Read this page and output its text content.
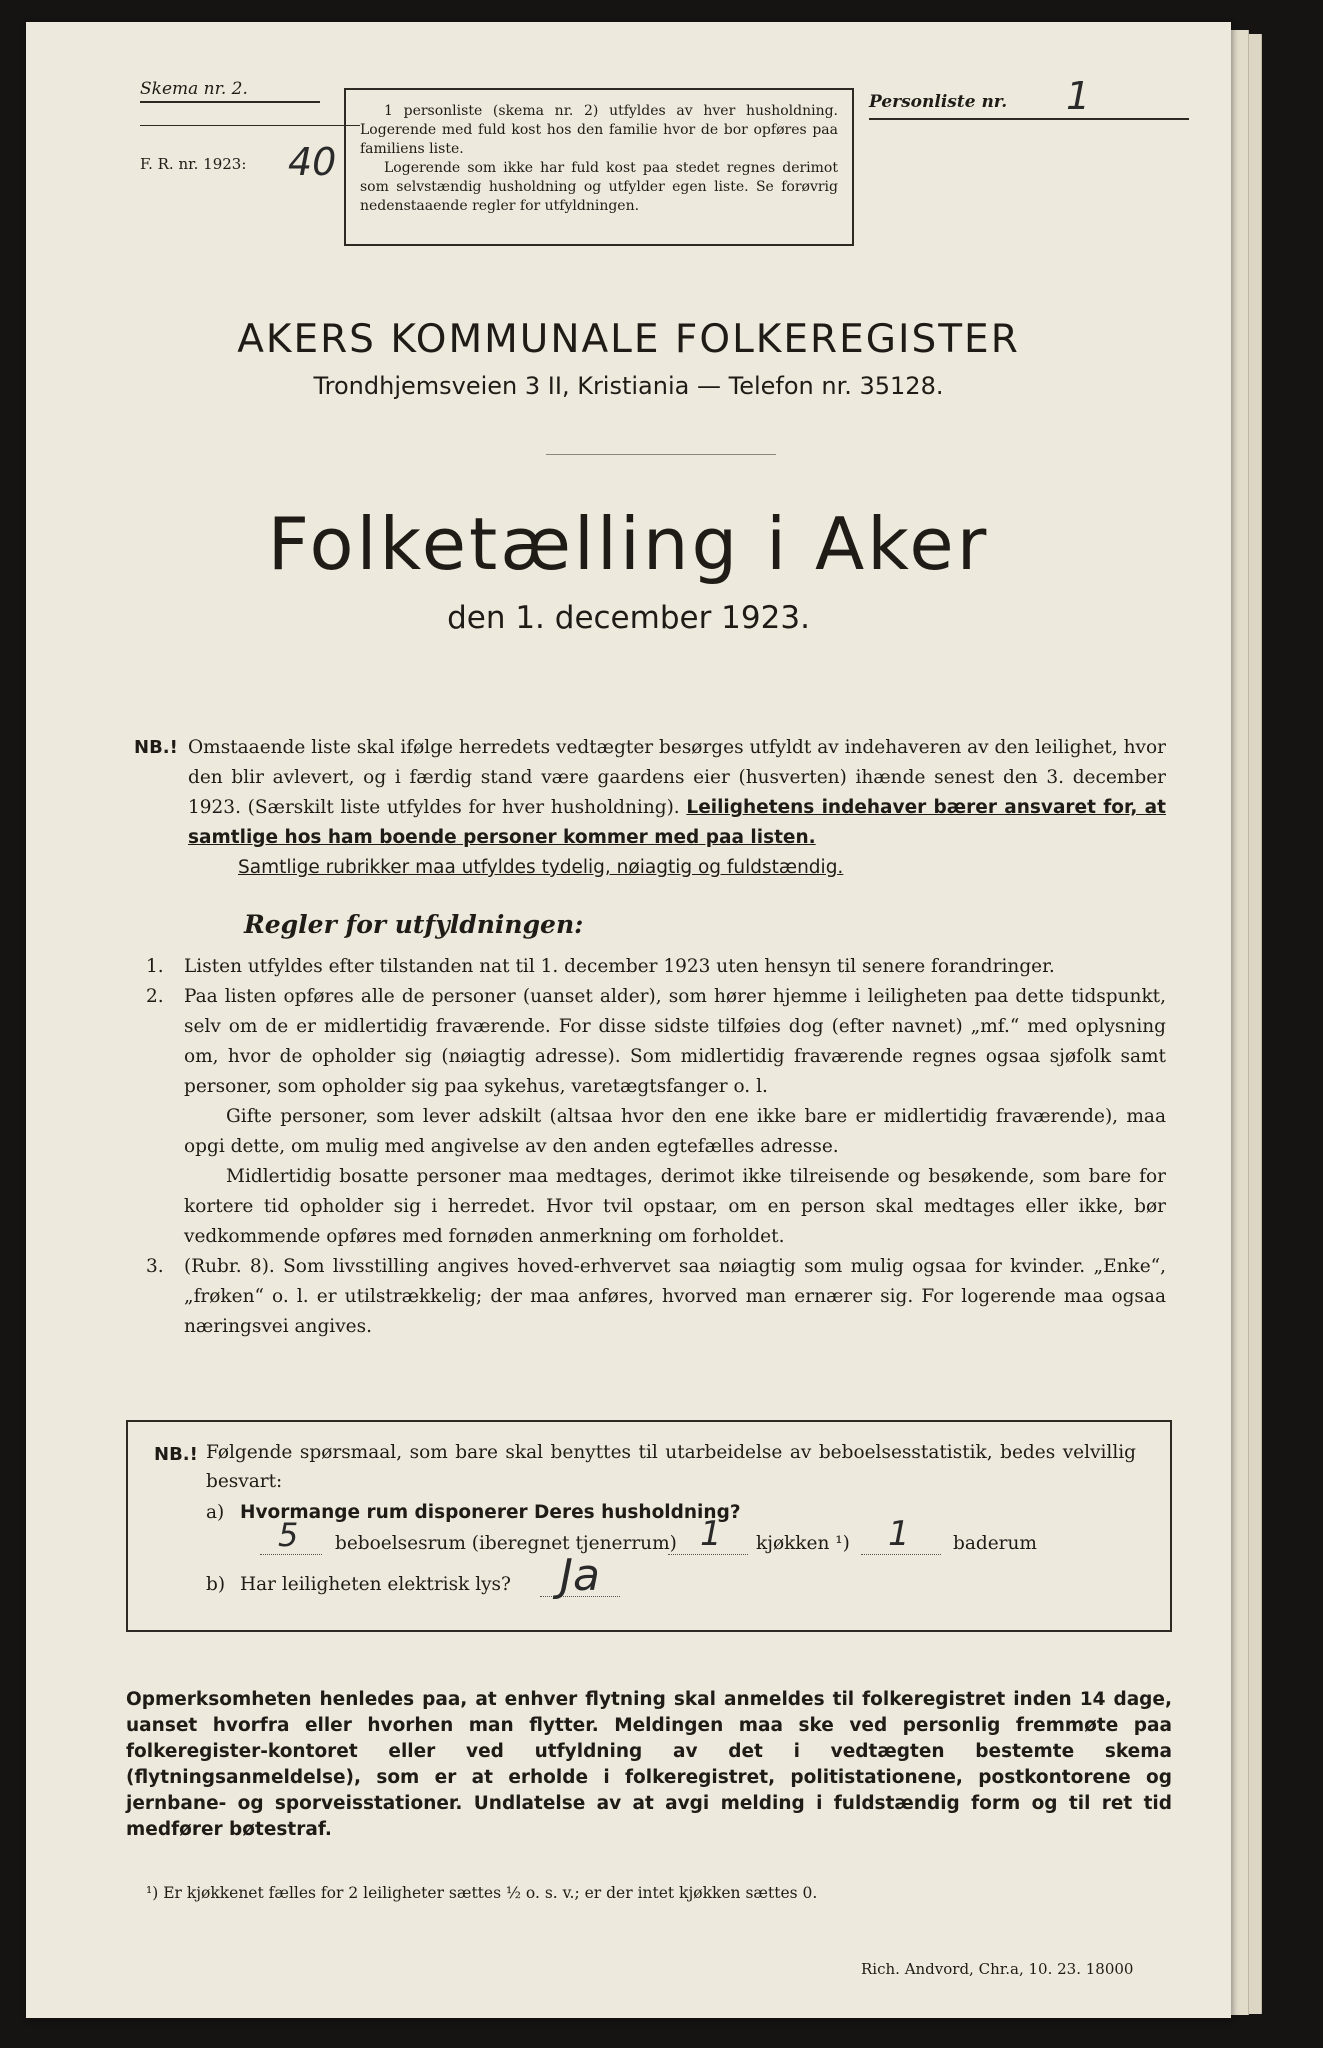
Skema nr. 2.
F. R. nr. 1923: 40

1 personliste (skema nr. 2) utfyldes av hver husholdning. Logerende med fuld kost hos den familie hvor de bor opføres paa familiens liste.

Logerende som ikke har fuld kost paa stedet regnes derimot som selvstændig husholdning og utfylder egen liste. Se forøvrig nedenstaaende regler for utfyldningen.

Personliste nr. 1
AKERS KOMMUNALE FOLKEREGISTER
Trondhjemsveien 3 II, Kristiania — Telefon nr. 35128.
Folketælling i Aker
den 1. december 1923.
NB.! Omstaaende liste skal ifølge herredets vedtægter besørges utfyldt av indehaveren av den leilighet, hvor den blir avlevert, og i færdig stand være gaardens eier (husverten) ihænde senest den 3. december 1923. (Særskilt liste utfyldes for hver husholdning). Leilighetens indehaver bærer ansvaret for, at samtlige hos ham boende personer kommer med paa listen.

Samtlige rubrikker maa utfyldes tydelig, nøiagtig og fuldstændig.

Regler for utfyldningen:
1.	Listen utfyldes efter tilstanden nat til 1. december 1923 uten hensyn til senere forandringer.
2.	Paa listen opføres alle de personer (uanset alder), som hører hjemme i leiligheten paa dette tidspunkt, selv om de er midlertidig fraværende. For disse sidste tilføies dog (efter navnet) „mf.“ med oplysning om, hvor de opholder sig (nøiagtig adresse). Som midlertidig fraværende regnes ogsaa sjøfolk samt personer, som opholder sig paa sykehus, varetægtsfanger o. l.
Gifte personer, som lever adskilt (altsaa hvor den ene ikke bare er midlertidig fraværende), maa opgi dette, om mulig med angivelse av den anden egtefælles adresse.
Midlertidig bosatte personer maa medtages, derimot ikke tilreisende og besøkende, som bare for kortere tid opholder sig i herredet. Hvor tvil opstaar, om en person skal medtages eller ikke, bør vedkommende opføres med fornøden anmerkning om forholdet.
3.	(Rubr. 8). Som livsstilling angives hoved-erhvervet saa nøiagtig som mulig ogsaa for kvinder. „Enke“, „frøken“ o. l. er utilstrækkelig; der maa anføres, hvorved man ernærer sig. For logerende maa ogsaa næringsvei angives.
NB.! Følgende spørsmaal, som bare skal benyttes til utarbeidelse av beboelsesstatistik, bedes velvillig besvart:
a) Hvormange rum disponerer Deres husholdning?
5 beboelsesrum (iberegnet tjenerrum) 1 kjøkken ¹) 1 baderum
b) Har leiligheten elektrisk lys? Ja
Opmerksomheten henledes paa, at enhver flytning skal anmeldes til folkeregistret inden 14 dage, uanset hvorfra eller hvorhen man flytter. Meldingen maa ske ved personlig fremmøte paa folkeregister-kontoret eller ved utfyldning av det i vedtægten bestemte skema (flytningsanmeldelse), som er at erholde i folkeregistret, politistationene, postkontorene og jernbane- og sporveisstationer. Undlatelse av at avgi melding i fuldstændig form og til ret tid medfører bøtestraf.
¹) Er kjøkkenet fælles for 2 leiligheter sættes ½ o. s. v.; er der intet kjøkken sættes 0.
Rich. Andvord, Chr.a, 10. 23. 18000
